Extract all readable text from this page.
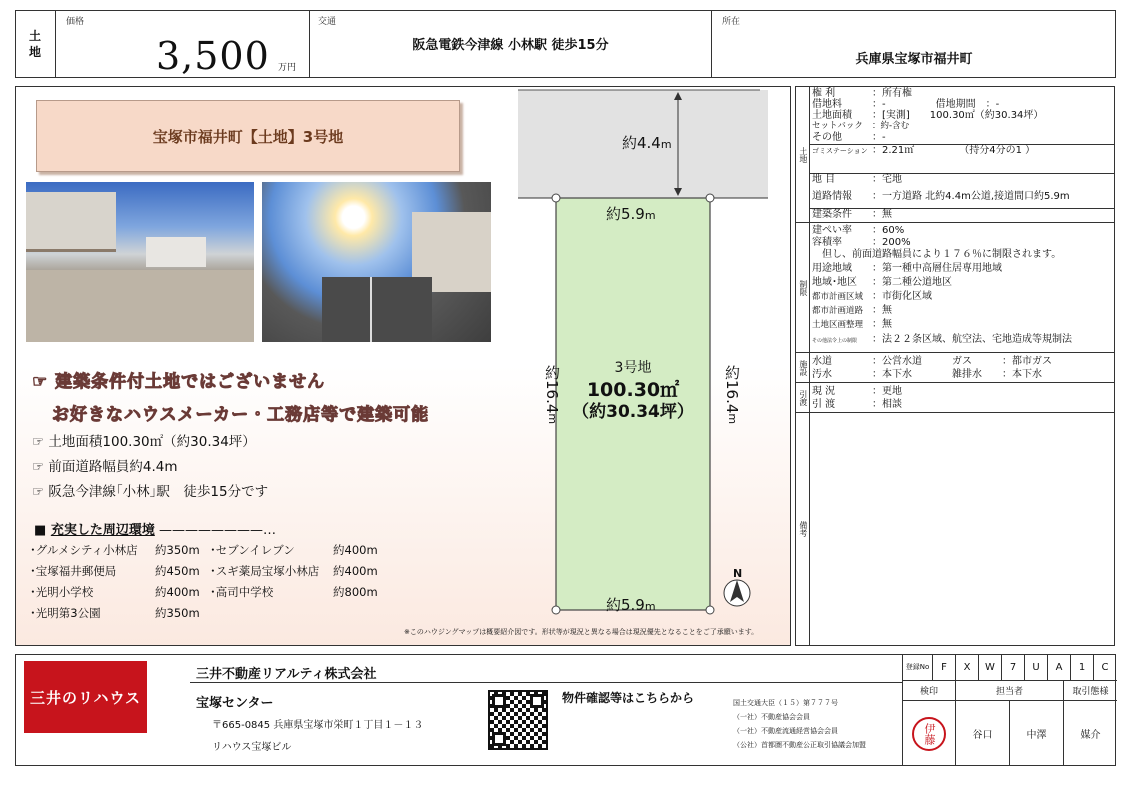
土
地
価格
3,500 万円
交通
阪急電鉄今津線 小林駅 徒歩15分
所在
兵庫県宝塚市福井町
宝塚市福井町【土地】3号地
☞ 建築条件付土地ではございません
お好きなハウスメーカー・工務店等で建築可能
☞ 土地面積100.30㎡（約30.34坪）
☞ 前面道路幅員約4.4m
☞ 阪急今津線｢小林｣駅　徒歩15分です
■ 充実した周辺環境 ————————…
･グルメシティ小林店 約350m ･セブンイレブン	約400m
･宝塚福井郵便局	約450m ･スギ薬局宝塚小林店 約400m
･光明小学校	約400m ･高司中学校	約800m
･光明第3公園	約350m
約4.4m
約5.9m
約5.9m
約16.4m
約16.4m
3号地
100.30㎡
（約30.34坪）
N
※このハウジングマップは概要紹介図です。形状等が現況と異なる場合は現況優先となることをご了承願います。
土地
権 利	：所有権
借地料	：-　　　　　借地期間　：-
土地面積 ：[実測]　　100.30㎡（約30.34坪）
セットバック ：約-含む
その他	：-
ゴミステーション ：2.21㎡　　　　　（持分4分の1 ）
地 目	：宅地
道路情報 ：一方道路 北約4.4m公道,接道間口約5.9m
建築条件 ：無
制限
建ぺい率 ：60%
容積率	：200%
　但し、前面道路幅員により１７６％に制限されます。
用途地域 ：第一種中高層住居専用地域
地域･地区 ：第二種公道地区
都市計画区域 ：市街化区域
都市計画道路 ：無
土地区画整理 ：無
その他法令上の制限 ：法２２条区域、航空法、宅地造成等規制法
施設 水道	：公営水道　　　ガス　　　：都市ガス
汚水	：本下水　　　　雑排水　　：本下水
引渡 現 況	：更地
引 渡	：相談
備考
三井のリハウス
三井不動産リアルティ株式会社
宝塚センター
〒665-0845 兵庫県宝塚市栄町１丁目１－１３
リハウス宝塚ビル
物件確認等はこちらから	国土交通大臣（１５）第７７７号
（一社）不動産協会会員
（一社）不動産流通経営協会会員
（公社）首都圏不動産公正取引協議会加盟
登録No	F	X	W	7	U	A	1	C
検印	担当者	取引態様
伊藤	谷口	中澤	媒介
